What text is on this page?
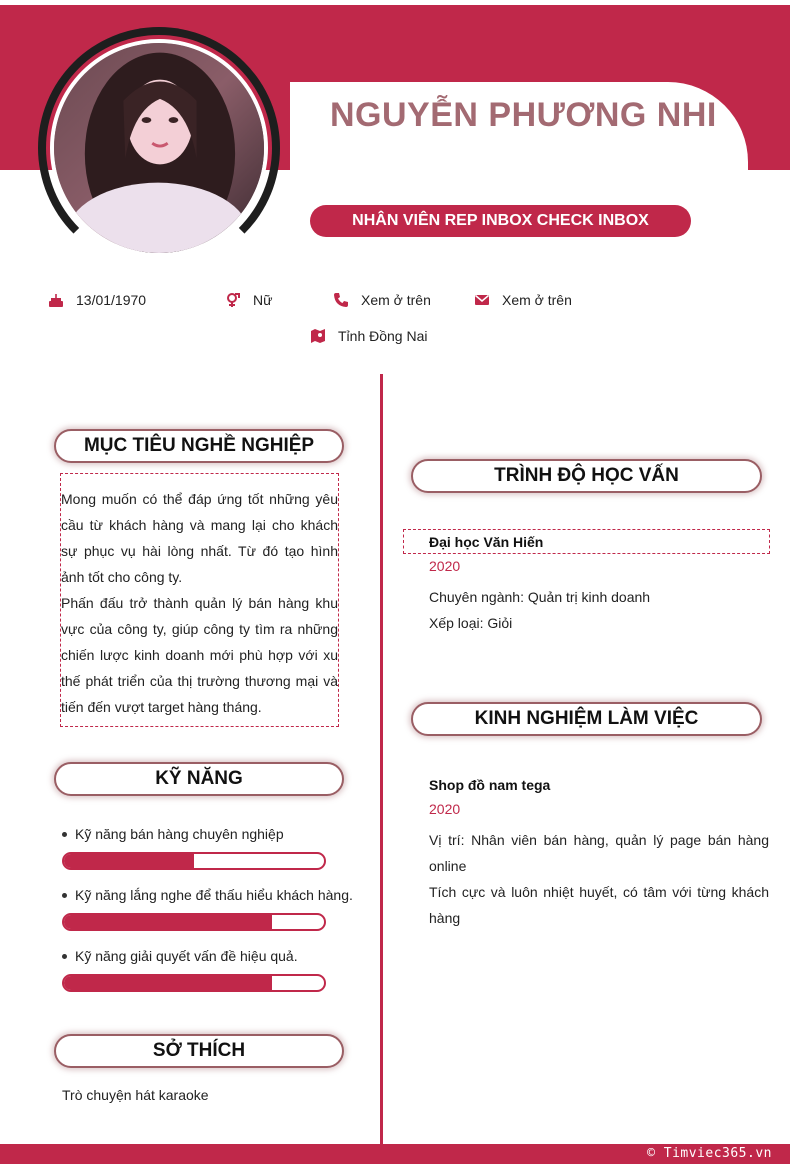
NGUYỄN PHƯƠNG NHI
NHÂN VIÊN REP INBOX CHECK INBOX
13/01/1970	Nữ	Xem ở trên	Xem ở trên
Tỉnh Đồng Nai
MỤC TIÊU NGHỀ NGHIỆP

Mong muốn có thể đáp ứng tốt những yêu cầu từ khách hàng và mang lại cho khách sự phục vụ hài lòng nhất. Từ đó tạo hình ảnh tốt cho công ty.

Phấn đấu trở thành quản lý bán hàng khu vực của công ty, giúp công ty tìm ra những chiến lược kinh doanh mới phù hợp với xu thế phát triển của thị trường thương mại và tiến đến vượt target hàng tháng.

KỸ NĂNG
Kỹ năng bán hàng chuyên nghiệp
Kỹ năng lắng nghe để thấu hiểu khách hàng.
Kỹ năng giải quyết vấn đề hiệu quả.
SỞ THÍCH
Trò chuyện hát karaoke
TRÌNH ĐỘ HỌC VẤN
Đại học Văn Hiến
2020
Chuyên ngành: Quản trị kinh doanh
Xếp loại: Giỏi
KINH NGHIỆM LÀM VIỆC
Shop đồ nam tega
2020
Vị trí: Nhân viên bán hàng, quản lý page bán hàng online
Tích cực và luôn nhiệt huyết, có tâm với từng khách hàng
© Timviec365.vn
